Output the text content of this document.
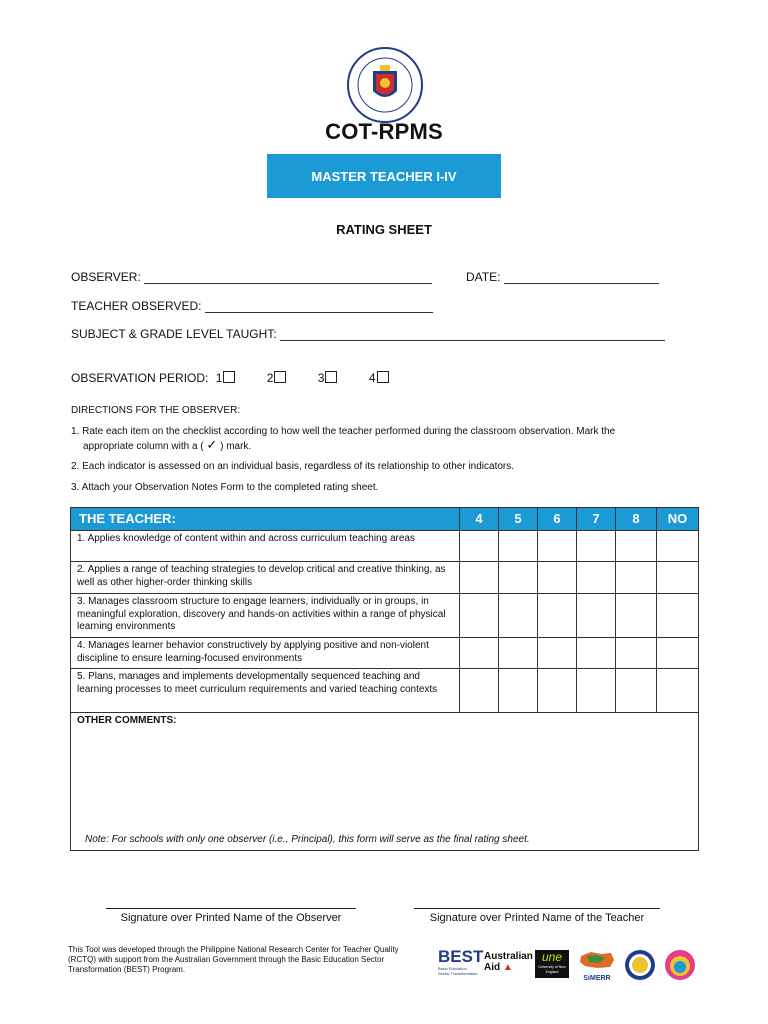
COT-RPMS
MASTER TEACHER I-IV
RATING SHEET
OBSERVER:	DATE:
TEACHER OBSERVED:
SUBJECT & GRADE LEVEL TAUGHT:
OBSERVATION PERIOD: 1	2	3	4
DIRECTIONS FOR THE OBSERVER:
1. Rate each item on the checklist according to how well the teacher performed during the classroom observation. Mark the
appropriate column with a ( ✓ ) mark.
2. Each indicator is assessed on an individual basis, regardless of its relationship to other indicators.
3. Attach your Observation Notes Form to the completed rating sheet.
THE TEACHER:	4	5	6	7	8	NO
1. Applies knowledge of content within and across curriculum teaching areas						
2. Applies a range of teaching strategies to develop critical and creative thinking, as well as other higher-order thinking skills						
3. Manages classroom structure to engage learners, individually or in groups, in meaningful exploration, discovery and hands-on activities within a range of physical learning environments						
4. Manages learner behavior constructively by applying positive and non-violent discipline to ensure learning-focused environments						
5. Plans, manages and implements developmentally sequenced teaching and learning processes to meet curriculum requirements and varied teaching contexts						

OTHER COMMENTS:
Note: For schools with only one observer (i.e., Principal), this form will serve as the final rating sheet.						
Signature over Printed Name of the Observer	Signature over Printed Name of the Teacher
This Tool was developed through the Philippine National Research Center for Teacher Quality (RCTQ) with support from the Australian Government through the Basic Education Sector Transformation (BEST) Program.
BEST
Basic Education Sector Transformation
Australian
Aid ▲
une
University of New England
SiMERR
